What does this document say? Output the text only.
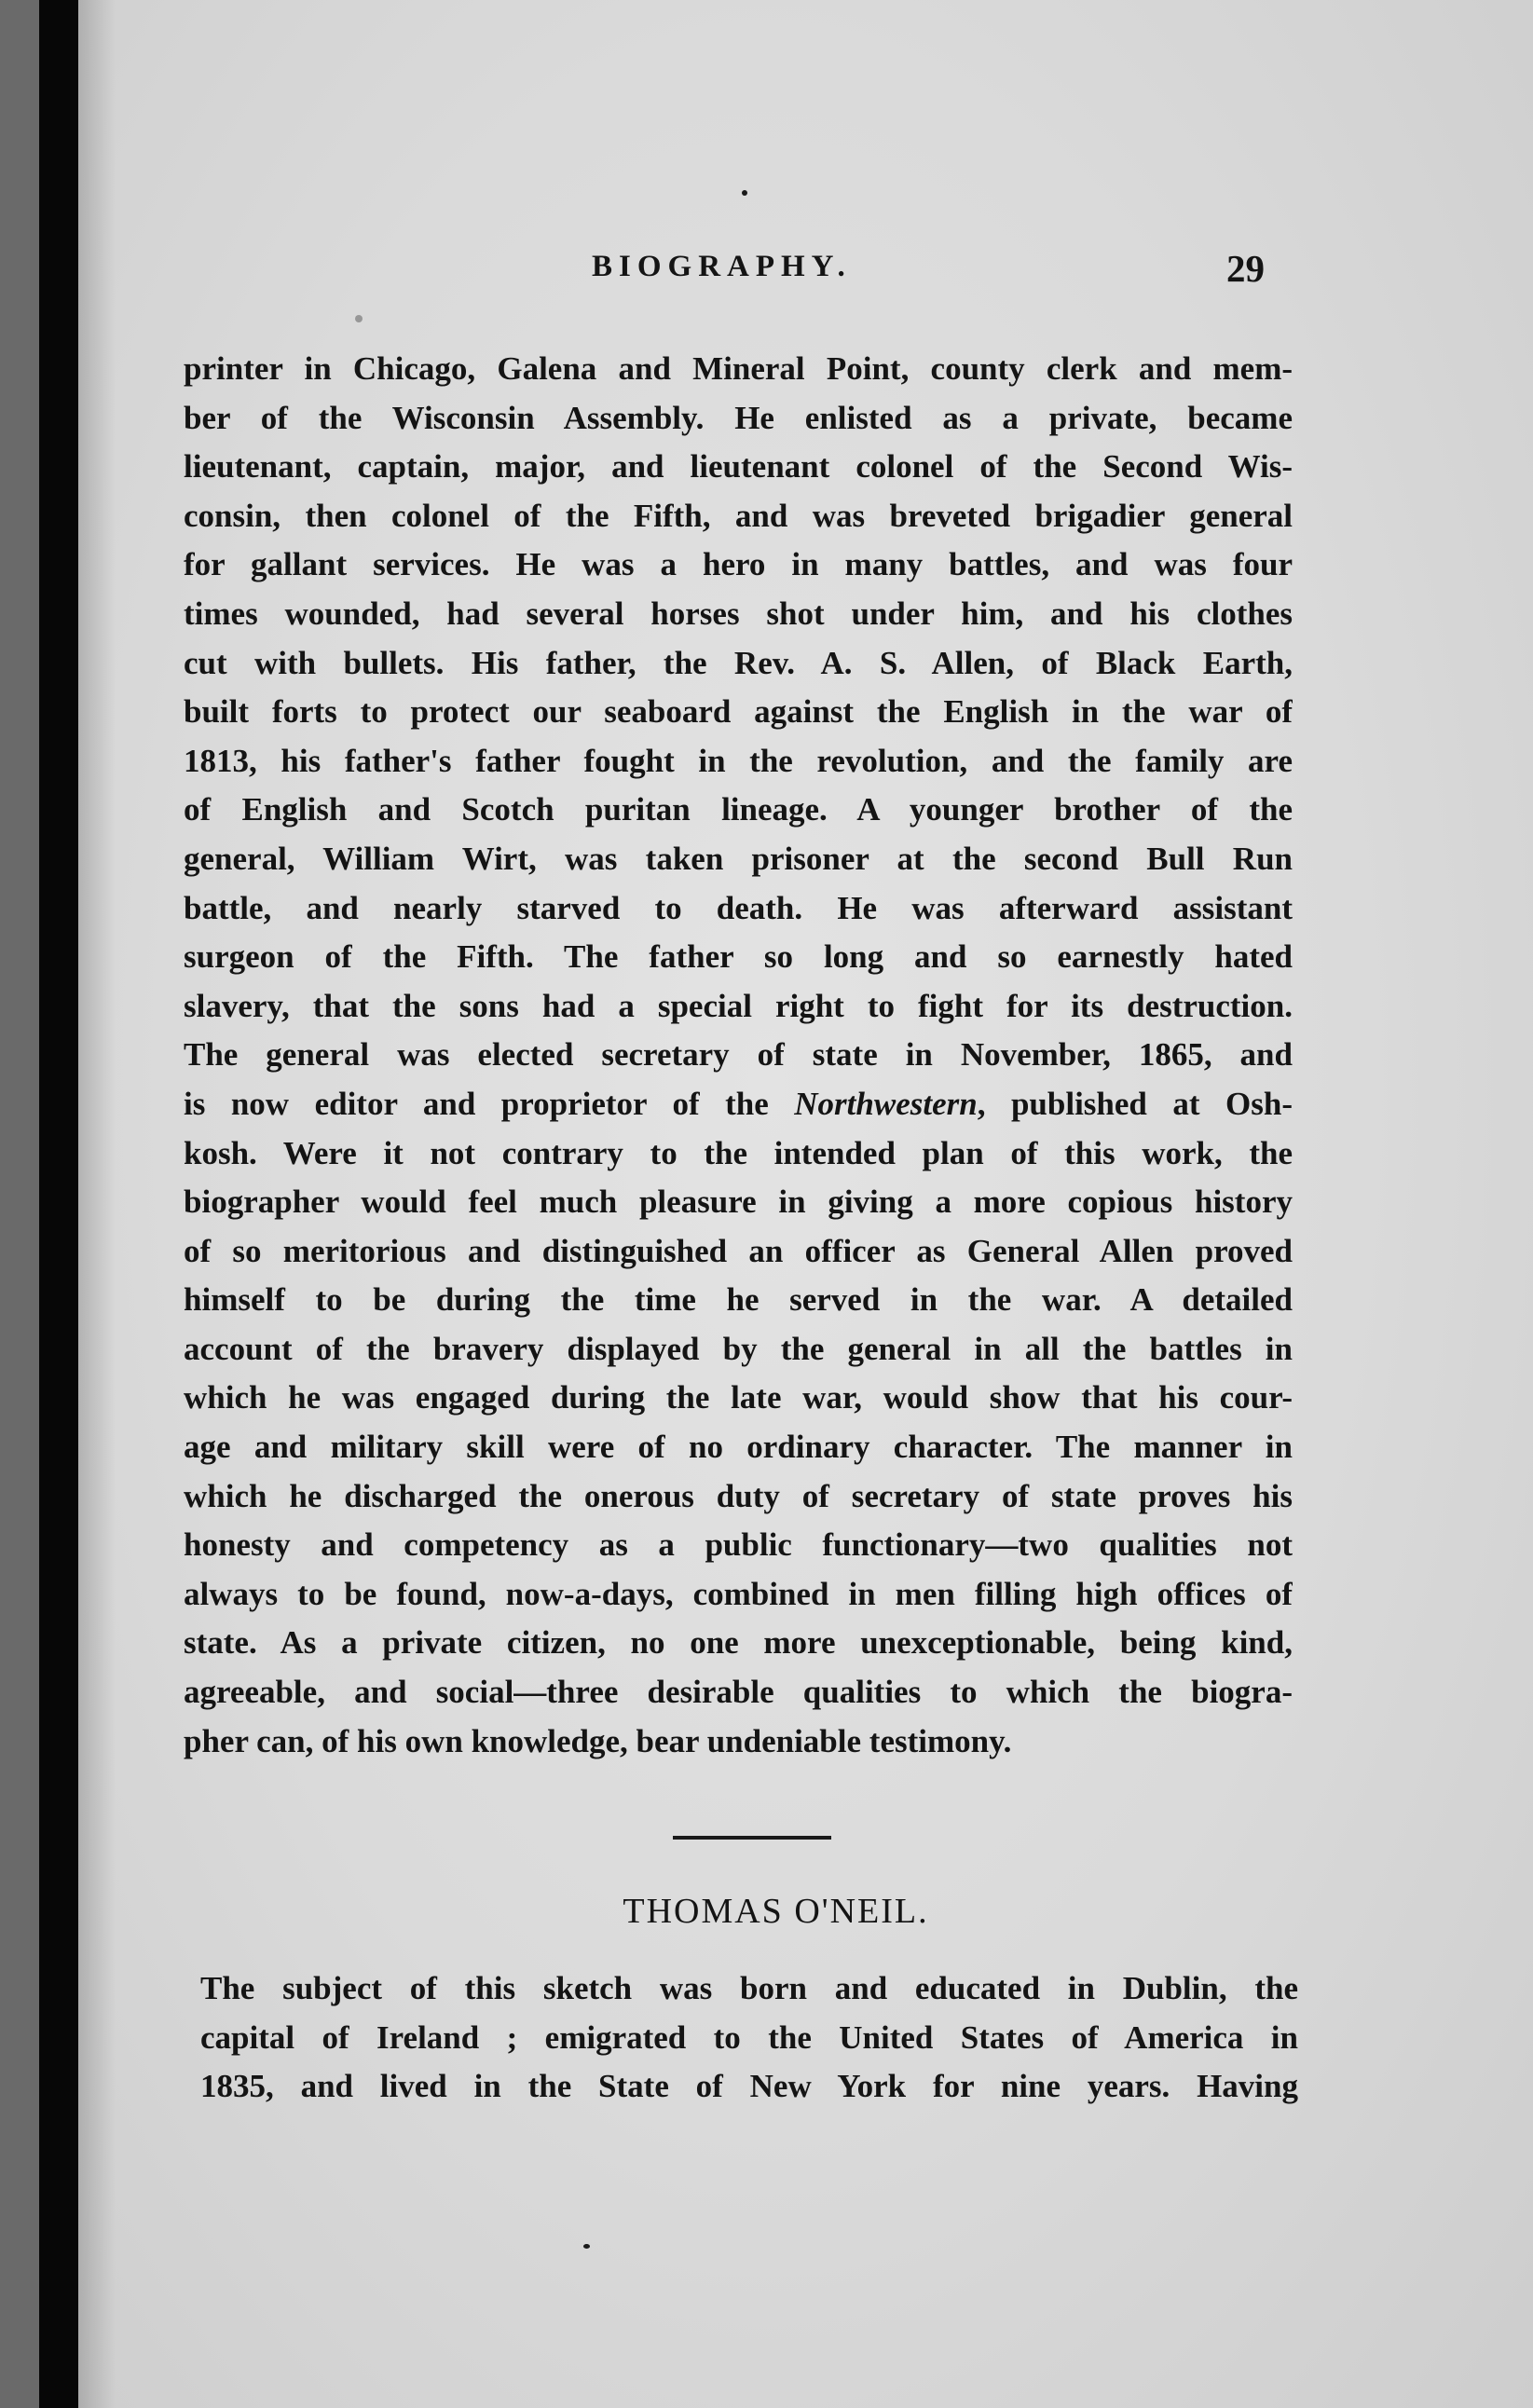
BIOGRAPHY.	29
printer in Chicago, Galena and Mineral Point, county clerk and mem-
ber of the Wisconsin Assembly. He enlisted as a private, became
lieutenant, captain, major, and lieutenant colonel of the Second Wis-
consin, then colonel of the Fifth, and was breveted brigadier general
for gallant services. He was a hero in many battles, and was four
times wounded, had several horses shot under him, and his clothes
cut with bullets. His father, the Rev. A. S. Allen, of Black Earth,
built forts to protect our seaboard against the English in the war of
1813, his father's father fought in the revolution, and the family are
of English and Scotch puritan lineage. A younger brother of the
general, William Wirt, was taken prisoner at the second Bull Run
battle, and nearly starved to death. He was afterward assistant
surgeon of the Fifth. The father so long and so earnestly hated
slavery, that the sons had a special right to fight for its destruction.
The general was elected secretary of state in November, 1865, and
is now editor and proprietor of the Northwestern, published at Osh-
kosh. Were it not contrary to the intended plan of this work, the
biographer would feel much pleasure in giving a more copious history
of so meritorious and distinguished an officer as General Allen proved
himself to be during the time he served in the war. A detailed
account of the bravery displayed by the general in all the battles in
which he was engaged during the late war, would show that his cour-
age and military skill were of no ordinary character. The manner in
which he discharged the onerous duty of secretary of state proves his
honesty and competency as a public functionary—two qualities not
always to be found, now-a-days, combined in men filling high offices of
state. As a private citizen, no one more unexceptionable, being kind,
agreeable, and social—three desirable qualities to which the biogra-
pher can, of his own knowledge, bear undeniable testimony.
THOMAS O'NEIL.
The subject of this sketch was born and educated in Dublin, the
capital of Ireland ; emigrated to the United States of America in
1835, and lived in the State of New York for nine years. Having
